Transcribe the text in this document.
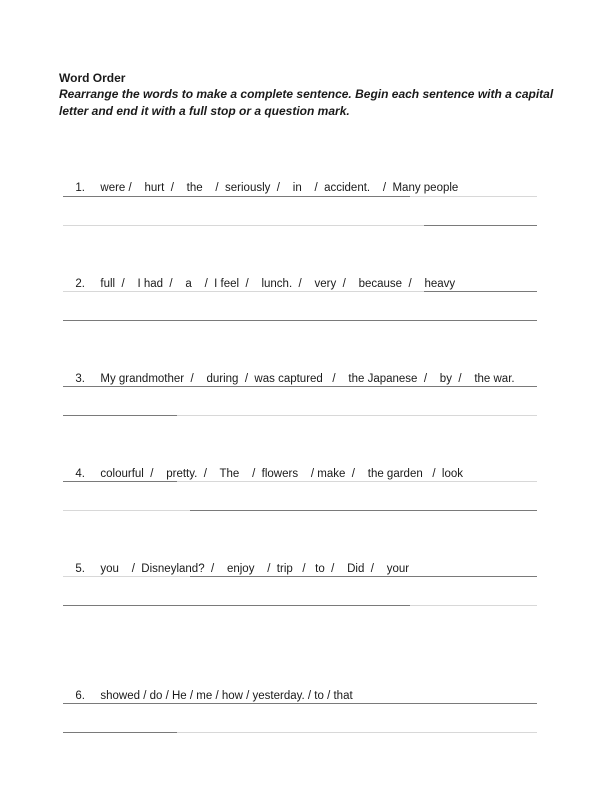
Word Order
Rearrange the words to make a complete sentence. Begin each sentence with a capital letter and end it with a full stop or a question mark.

1. were /    hurt  /    the    /  seriously  /    in    /  accident.    /  Many people

2. full  /    I had  /    a    /  I feel  /    lunch.  /    very  /    because  /    heavy

3. My grandmother  /    during  /  was captured   /    the Japanese  /    by  /    the war.

4. colourful  /    pretty.  /    The    /  flowers    / make  /    the garden   /  look

5. you    /  Disneyland?  /    enjoy    /  trip   /   to  /    Did  /    your

6. showed / do / He / me / how / yesterday. / to / that
